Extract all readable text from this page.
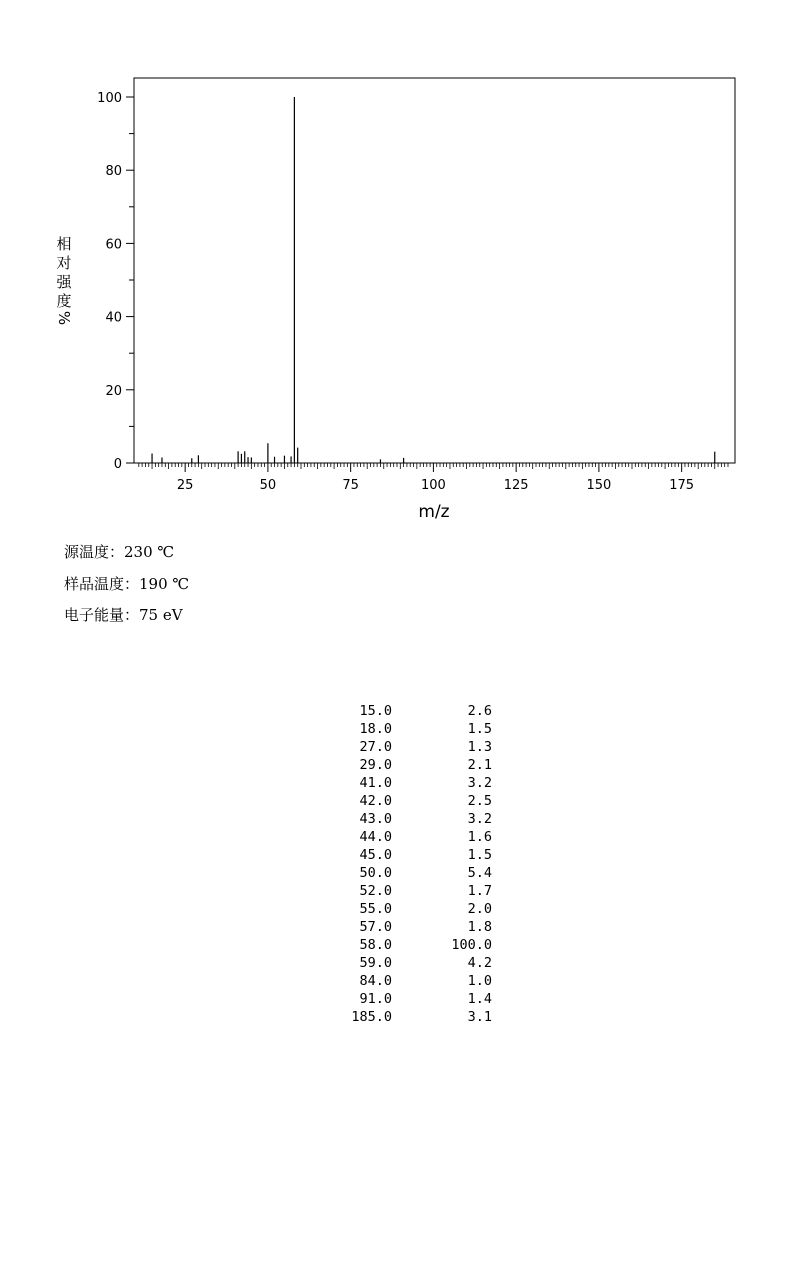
25	50	75	100	125	150	175
0
20
40
60
80
100
m/z
相
对
强
度
%
源温度：230 ℃
样品温度：190 ℃
电子能量：75 eV
15.0	2.6
18.0	1.5
27.0	1.3
29.0	2.1
41.0	3.2
42.0	2.5
43.0	3.2
44.0	1.6
45.0	1.5
50.0	5.4
52.0	1.7
55.0	2.0
57.0	1.8
58.0	100.0
59.0	4.2
84.0	1.0
91.0	1.4
185.0	3.1
